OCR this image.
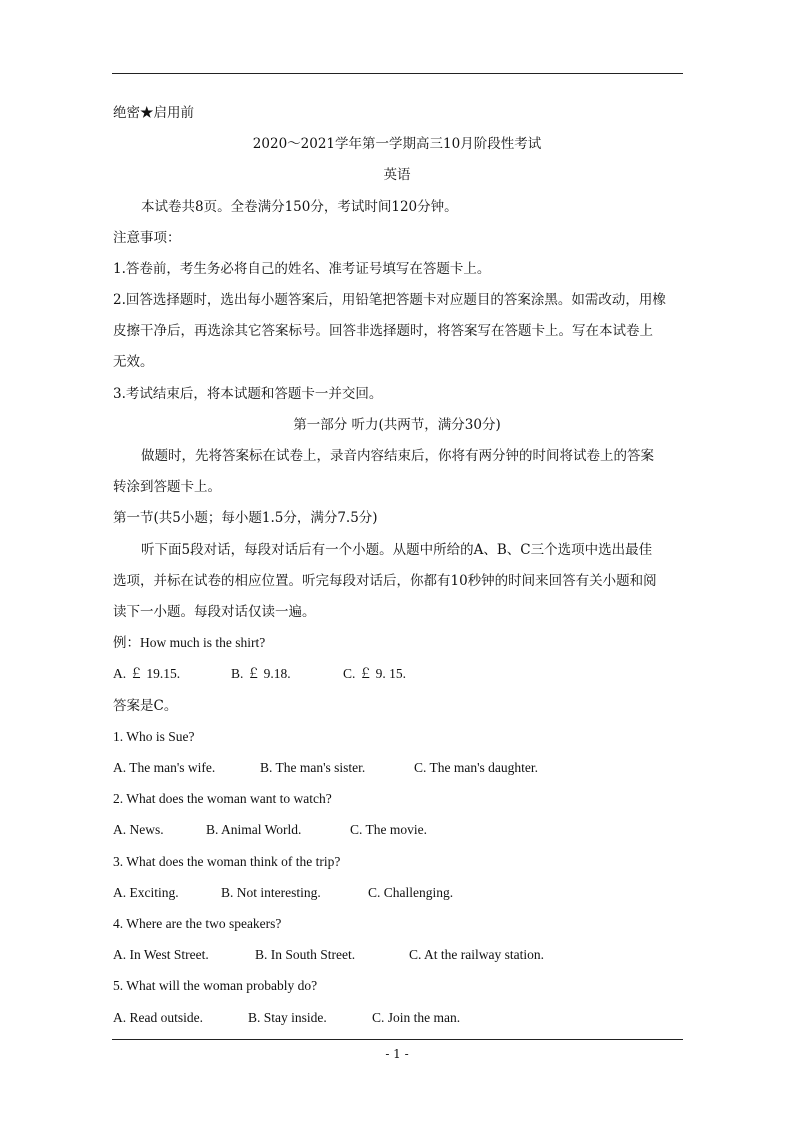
绝密★启用前
2020～2021学年第一学期高三10月阶段性考试
英语
本试卷共8页。全卷满分150分，考试时间120分钟。
注意事项：
1.答卷前，考生务必将自己的姓名、准考证号填写在答题卡上。
2.回答选择题时，选出每小题答案后，用铅笔把答题卡对应题目的答案涂黑。如需改动，用橡
皮擦干净后，再选涂其它答案标号。回答非选择题时，将答案写在答题卡上。写在本试卷上
无效。
3.考试结束后，将本试题和答题卡一并交回。
第一部分 听力(共两节，满分30分)
做题时，先将答案标在试卷上，录音内容结束后，你将有两分钟的时间将试卷上的答案
转涂到答题卡上。
第一节(共5小题；每小题1.5分，满分7.5分)
听下面5段对话，每段对话后有一个小题。从题中所给的A、B、C三个选项中选出最佳
选项，并标在试卷的相应位置。听完每段对话后，你都有10秒钟的时间来回答有关小题和阅
读下一小题。每段对话仅读一遍。
例：How much is the shirt?
A. ￡ 19.15.	B. ￡ 9.18.	C. ￡ 9. 15.
答案是C。
1. Who is Sue?
A. The man's wife.	B. The man's sister.	C. The man's daughter.
2. What does the woman want to watch?
A. News.	B. Animal World.	C. The movie.
3. What does the woman think of the trip?
A. Exciting.	B. Not interesting.	C. Challenging.
4. Where are the two speakers?
A. In West Street.	B. In South Street.	C. At the railway station.
5. What will the woman probably do?
A. Read outside.	B. Stay inside.	C. Join the man.
- 1 -
